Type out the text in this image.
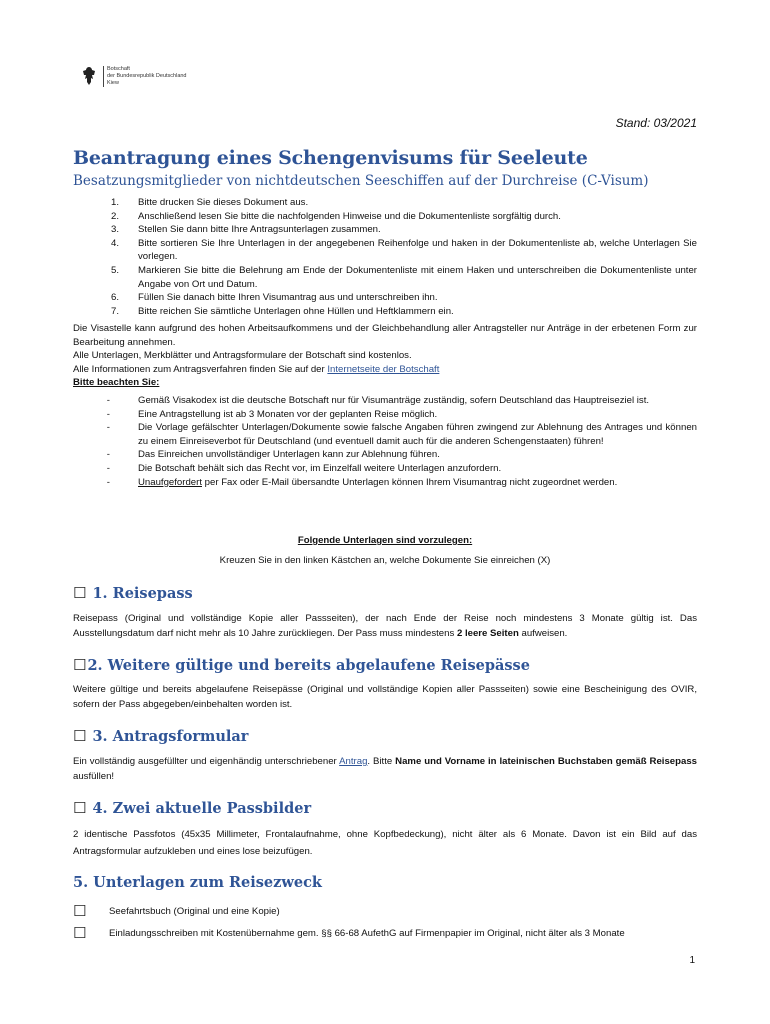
Botschaft
der Bundesrepublik Deutschland
Kiew
Stand: 03/2021
Beantragung eines Schengenvisums für Seeleute
Besatzungsmitglieder von nichtdeutschen Seeschiffen auf der Durchreise (C-Visum)
1.	Bitte drucken Sie dieses Dokument aus.
2.	Anschließend lesen Sie bitte die nachfolgenden Hinweise und die Dokumentenliste sorgfältig durch.
3.	Stellen Sie dann bitte Ihre Antragsunterlagen zusammen.
4.	Bitte sortieren Sie Ihre Unterlagen in der angegebenen Reihenfolge und haken in der Dokumentenliste ab, welche Unterlagen Sie vorlegen.
5.	Markieren Sie bitte die Belehrung am Ende der Dokumentenliste mit einem Haken und unterschreiben die Dokumentenliste unter Angabe von Ort und Datum.
6.	Füllen Sie danach bitte Ihren Visumantrag aus und unterschreiben ihn.
7.	Bitte reichen Sie sämtliche Unterlagen ohne Hüllen und Heftklammern ein.

Die Visastelle kann aufgrund des hohen Arbeitsaufkommens und der Gleichbehandlung aller Antragsteller nur Anträge in der erbetenen Form zur Bearbeitung annehmen.

Alle Unterlagen, Merkblätter und Antragsformulare der Botschaft sind kostenlos.

Alle Informationen zum Antragsverfahren finden Sie auf der Internetseite der Botschaft

Bitte beachten Sie:

-	Gemäß Visakodex ist die deutsche Botschaft nur für Visumanträge zuständig, sofern Deutschland das Hauptreiseziel ist.
-	Eine Antragstellung ist ab 3 Monaten vor der geplanten Reise möglich.
-	Die Vorlage gefälschter Unterlagen/Dokumente sowie falsche Angaben führen zwingend zur Ablehnung des Antrages und können zu einem Einreiseverbot für Deutschland (und eventuell damit auch für die anderen Schengenstaaten) führen!
-	Das Einreichen unvollständiger Unterlagen kann zur Ablehnung führen.
-	Die Botschaft behält sich das Recht vor, im Einzelfall weitere Unterlagen anzufordern.
-	Unaufgefordert per Fax oder E-Mail übersandte Unterlagen können Ihrem Visumantrag nicht zugeordnet werden.
Folgende Unterlagen sind vorzulegen:
Kreuzen Sie in den linken Kästchen an, welche Dokumente Sie einreichen (X)
☐ 1. Reisepass
Reisepass (Original und vollständige Kopie aller Passseiten), der nach Ende der Reise noch mindestens 3 Monate gültig ist. Das Ausstellungsdatum darf nicht mehr als 10 Jahre zurückliegen. Der Pass muss mindestens 2 leere Seiten aufweisen.
☐2. Weitere gültige und bereits abgelaufene Reisepässe
Weitere gültige und bereits abgelaufene Reisepässe (Original und vollständige Kopien aller Passseiten) sowie eine Bescheinigung des OVIR, sofern der Pass abgegeben/einbehalten worden ist.
☐ 3. Antragsformular
Ein vollständig ausgefüllter und eigenhändig unterschriebener Antrag. Bitte Name und Vorname in lateinischen Buchstaben gemäß Reisepass ausfüllen!
☐ 4. Zwei aktuelle Passbilder
2 identische Passfotos (45x35 Millimeter, Frontalaufnahme, ohne Kopfbedeckung), nicht älter als 6 Monate. Davon ist ein Bild auf das Antragsformular aufzukleben und eines lose beizufügen.
5. Unterlagen zum Reisezweck
☐	Seefahrtsbuch (Original und eine Kopie)
☐	Einladungsschreiben mit Kostenübernahme gem. §§ 66-68 AufethG auf Firmenpapier im Original, nicht älter als 3 Monate
1
